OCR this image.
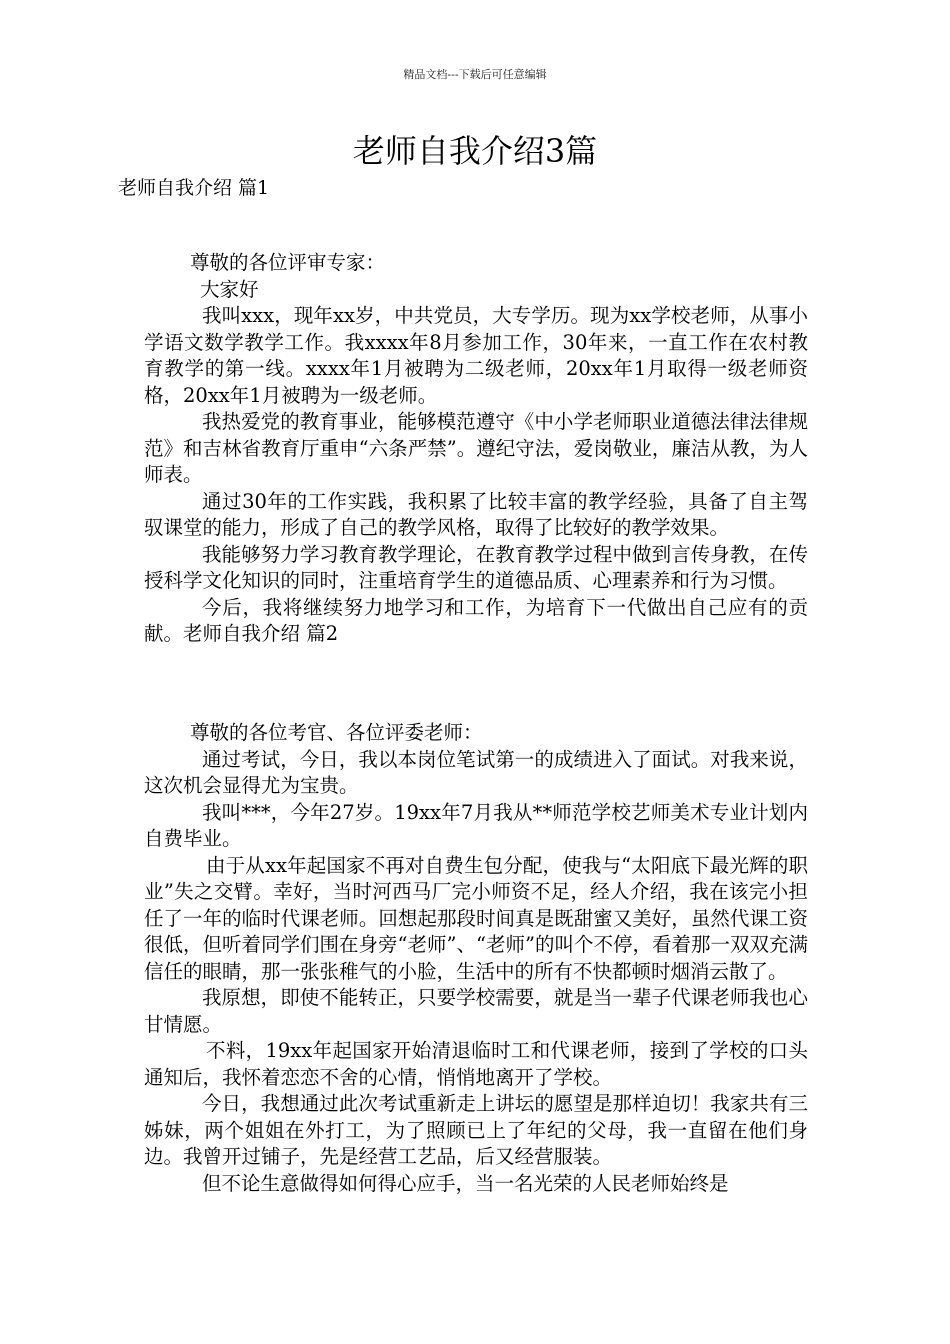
精品文档---下载后可任意编辑
老师自我介绍3篇
老师自我介绍 篇1

尊敬的各位评审专家：

大家好

我叫xxx，现年xx岁，中共党员，大专学历。现为xx学校老师，从事小学语文数学教学工作。我xxxx年8月参加工作，30年来，一直工作在农村教育教学的第一线。xxxx年1月被聘为二级老师，20xx年1月取得一级老师资格，20xx年1月被聘为一级老师。

我热爱党的教育事业，能够模范遵守《中小学老师职业道德法律法律规范》和吉林省教育厅重申“六条严禁”。遵纪守法，爱岗敬业，廉洁从教，为人师表。

通过30年的工作实践，我积累了比较丰富的教学经验，具备了自主驾驭课堂的能力，形成了自己的教学风格，取得了比较好的教学效果。

我能够努力学习教育教学理论，在教育教学过程中做到言传身教，在传授科学文化知识的同时，注重培育学生的道德品质、心理素养和行为习惯。

今后，我将继续努力地学习和工作，为培育下一代做出自己应有的贡献。老师自我介绍 篇2

尊敬的各位考官、各位评委老师：

通过考试，今日，我以本岗位笔试第一的成绩进入了面试。对我来说，这次机会显得尤为宝贵。

我叫***，今年27岁。19xx年7月我从**师范学校艺师美术专业计划内自费毕业。

由于从xx年起国家不再对自费生包分配，使我与“太阳底下最光辉的职业”失之交臂。幸好，当时河西马厂完小师资不足，经人介绍，我在该完小担任了一年的临时代课老师。回想起那段时间真是既甜蜜又美好，虽然代课工资很低，但听着同学们围在身旁“老师”、“老师”的叫个不停，看着那一双双充满信任的眼睛，那一张张稚气的小脸，生活中的所有不快都顿时烟消云散了。

我原想，即使不能转正，只要学校需要，就是当一辈子代课老师我也心甘情愿。

不料，19xx年起国家开始清退临时工和代课老师，接到了学校的口头通知后，我怀着恋恋不舍的心情，悄悄地离开了学校。

今日，我想通过此次考试重新走上讲坛的愿望是那样迫切！我家共有三姊妹，两个姐姐在外打工，为了照顾已上了年纪的父母，我一直留在他们身边。我曾开过铺子，先是经营工艺品，后又经营服装。

但不论生意做得如何得心应手，当一名光荣的人民老师始终是
